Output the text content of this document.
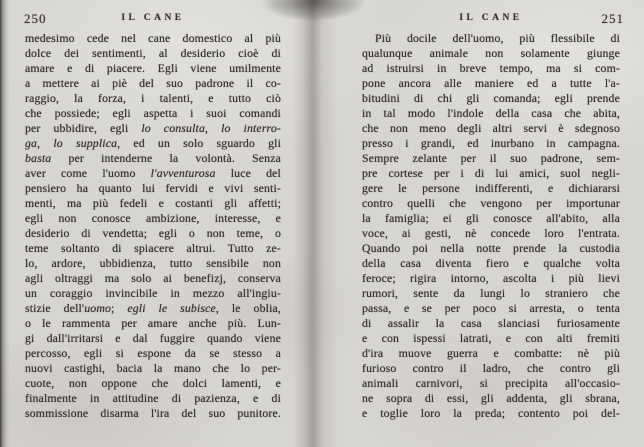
250	IL CANE
medesimo cede nel cane domestico al più
dolce dei sentimenti, al desiderio cioè di
amare e di piacere. Egli viene umilmente
a mettere ai piè del suo padrone il co-
raggio, la forza, i talenti, e tutto ciò
che possiede; egli aspetta i suoi comandi
per ubbidire, egli lo consulta, lo interro-
ga, lo supplica, ed un solo sguardo gli
basta per intenderne la volontà. Senza
aver come l'uomo l'avventurosa luce del
pensiero ha quanto lui fervidi e vivi senti-
menti, ma più fedeli e costanti gli affetti;
egli non conosce ambizione, interesse, e
desiderio di vendetta; egli o non teme, o
teme soltanto di spiacere altrui. Tutto ze-
lo, ardore, ubbidienza, tutto sensibile non
agli oltraggi ma solo ai benefizj, conserva
un coraggio invincibile in mezzo all'ingiu-
stizie dell'uomo; egli le subisce, le oblia,
o le rammenta per amare anche più. Lun-
gi dall'irritarsi e dal fuggire quando viene
percosso, egli si espone da se stesso a
nuovi castighi, bacia la mano che lo per-
cuote, non oppone che dolci lamenti, e
finalmente in attitudine di pazienza, e di
sommissione disarma l'ira del suo punitore.
IL CANE	251
Più docile dell'uomo, più flessibile di
qualunque animale non solamente giunge
ad istruirsi in breve tempo, ma si com-
pone ancora alle maniere ed a tutte l'a-
bitudini di chi gli comanda; egli prende
in tal modo l'indole della casa che abita,
che non meno degli altri servi è sdegnoso
presso i grandi, ed inurbano in campagna.
Sempre zelante per il suo padrone, sem-
pre cortese per i di lui amici, suol negli-
gere le persone indifferenti, e dichiararsi
contro quelli che vengono per importunar
la famiglia; ei gli conosce all'abito, alla
voce, ai gesti, nè concede loro l'entrata.
Quando poi nella notte prende la custodia
della casa diventa fiero e qualche volta
feroce; rigira intorno, ascolta i più lievi
rumori, sente da lungi lo straniero che
passa, e se per poco si arresta, o tenta
di assalir la casa slanciasi furiosamente
e con ispessi latrati, e con alti fremiti
d'ira muove guerra e combatte: nè più
furioso contro il ladro, che contro gli
animali carnivori, si precipita all'occasio-
ne sopra di essi, gli addenta, gli sbrana,
e toglie loro la preda; contento poi del-
